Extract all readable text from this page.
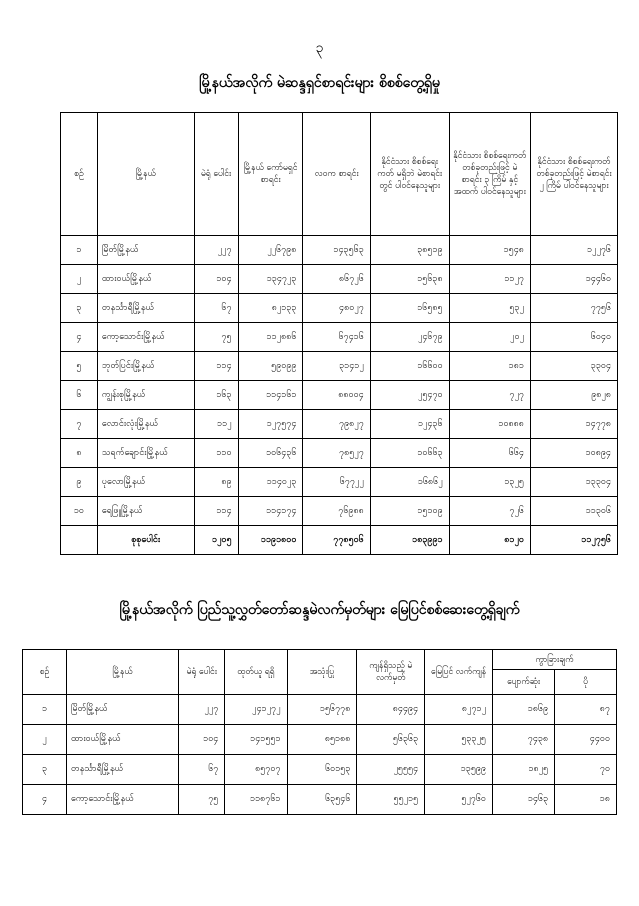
၃
မြို့နယ်အလိုက် မဲဆန္ဒရှင်စာရင်းများ စိစစ်တွေ့ရှိမှု
စဉ်	မြို့နယ်	မဲရုံ ပေါင်း	မြို့နယ် ကော်မရှင် စာရင်း	လဝက စာရင်း	နိုင်ငံသား စိစစ်ရေးကတ် မရှိဘဲ မဲစာရင်းတွင် ပါဝင်နေသူများ	နိုင်ငံသား စိစစ်ရေးကတ် တစ်ခုတည်းဖြင့် မဲစာရင်း ၃ ကြိမ် နှင့်အထက် ပါဝင်နေသူများ	နိုင်ငံသား စိစစ်ရေးကတ် တစ်ခုတည်းဖြင့် မဲစာရင်း ၂ ကြိမ် ပါဝင်နေသူများ
၁	မြိတ်မြို့နယ်	၂၂၇	၂၂၆၇၉၈	၁၄၃၅၆၃	၃၈၅၁၉	၁၅၄၈	၁၂၂၇၆
၂	ထားဝယ်မြို့နယ်	၁၀၄	၁၃၄၇၂၃	၈၆၇၂၆	၁၅၆၃၈	၁၁၂၇	၁၄၄၆၀
၃	တနင်္သာရီမြို့နယ်	၆၇	၈၂၁၃၃	၄၈၀၂၇	၁၆၅၈၅	၅၃၂	၇၇၅၆
၄	ကော့သောင်းမြို့နယ်	၇၅	၁၁၂၈၈၆	၆၇၄၁၆	၂၄၆၇၉	၂၀၂	၆၀၄၀
၅	ဘုတ်ပြင်းမြို့နယ်	၁၁၄	၅၉၀၉၉	၃၁၄၁၂	၁၆၆၀၀	၁၈၁	၃၃၀၄
၆	ကျွန်းစုမြို့နယ်	၁၆၃	၁၁၄၁၆၁	၈၈၀၀၄	၂၅၄၇၀	၇၂၇	၉၈၂၈
၇	လောင်းလုံးမြို့နယ်	၁၁၂	၁၂၇၅၇၄	၇၉၈၂၇	၁၂၄၃၆	၁၀၈၈၈	၁၄၇၇၈
၈	သရက်ချောင်းမြို့နယ်	၁၁၀	၁၀၆၄၃၆	၇၈၅၂၇	၁၀၆၆၃	၆၆၄	၁၀၈၉၄
၉	ပုလောမြို့နယ်	၈၉	၁၁၄၀၂၃	၆၇၇၂၂	၁၆၈၆၂	၁၃၂၅	၁၃၃၀၄
၁၀	ရေဖြူမြို့နယ်	၁၁၄	၁၁၄၁၇၄	၇၆၉၈၈	၁၅၁၀၉	၇၂၆	၁၁၃၀၆
	စုစုပေါင်း	၁၂၀၅	၁၁၉၁၈၀၀	၇၇၈၅၀၆	၁၈၃၉၉၁	၈၁၂၀	၁၁၂၇၅၆
မြို့နယ်အလိုက် ပြည်သူ့လွှတ်တော်ဆန္ဒမဲလက်မှတ်များ မြေပြင်စစ်ဆေးတွေ့ရှိချက်
စဉ်	မြို့နယ်	မဲရုံ ပေါင်း	ထုတ်ယူ ရရှိ	အသုံးပြု	ကျန်ရှိသည့် မဲလက်မှတ်	မြေပြင် လက်ကျန်	ကွာခြားချက်	
							ပျောက်ဆုံး	ပို
၁	မြိတ်မြို့နယ်	၂၂၇	၂၄၁၂၇၂	၁၅၆၇၇၈	၈၄၄၉၄	၈၂၇၁၂	၁၈၆၉	၈၇
၂	ထားဝယ်မြို့နယ်	၁၀၄	၁၄၁၅၅၁	၈၅၁၈၈	၅၆၃၆၃	၅၃၃၂၅	၇၄၃၈	၄၄၀၀
၃	တနင်္သာရီမြို့နယ်	၆၇	၈၅၇၀၇	၆၀၁၅၃	၂၅၅၅၄	၁၃၅၉၉	၁၈၂၅	၇၀
၄	ကော့သောင်းမြို့နယ်	၇၅	၁၁၈၇၆၁	၆၃၅၄၆	၅၅၂၁၅	၅၂၇၆၀	၁၄၆၃	၁၈
